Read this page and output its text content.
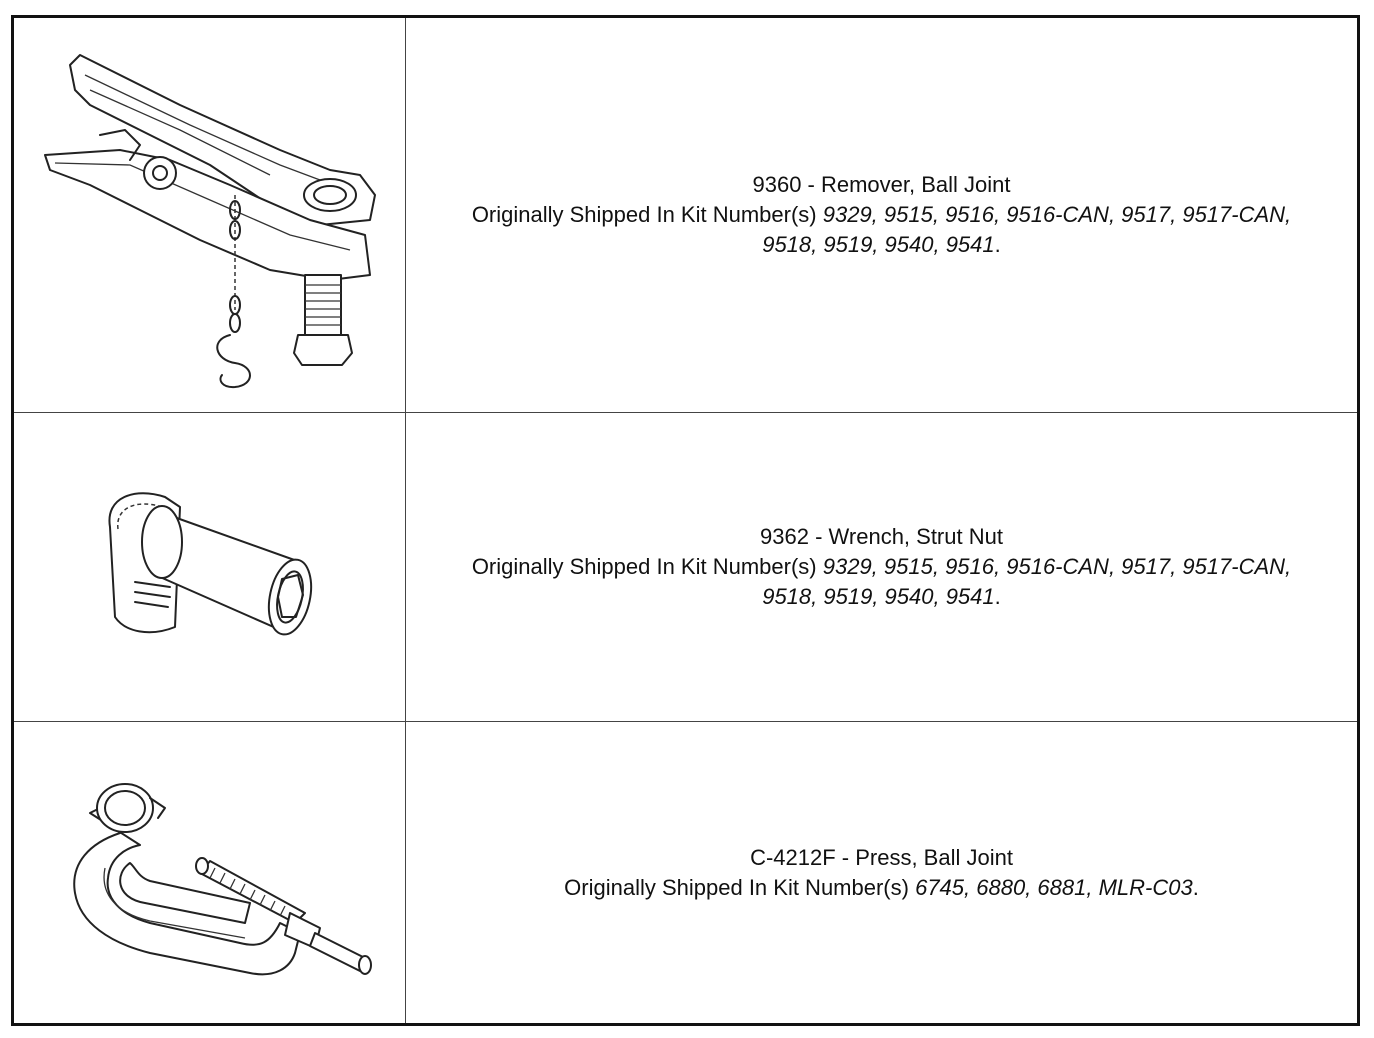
9360 - Remover, Ball Joint

Originally Shipped In Kit Number(s) 9329, 9515, 9516, 9516-CAN, 9517, 9517-CAN,

9518, 9519, 9540, 9541.

9362 - Wrench, Strut Nut

Originally Shipped In Kit Number(s) 9329, 9515, 9516, 9516-CAN, 9517, 9517-CAN,

9518, 9519, 9540, 9541.

C-4212F - Press, Ball Joint

Originally Shipped In Kit Number(s) 6745, 6880, 6881, MLR-C03.
